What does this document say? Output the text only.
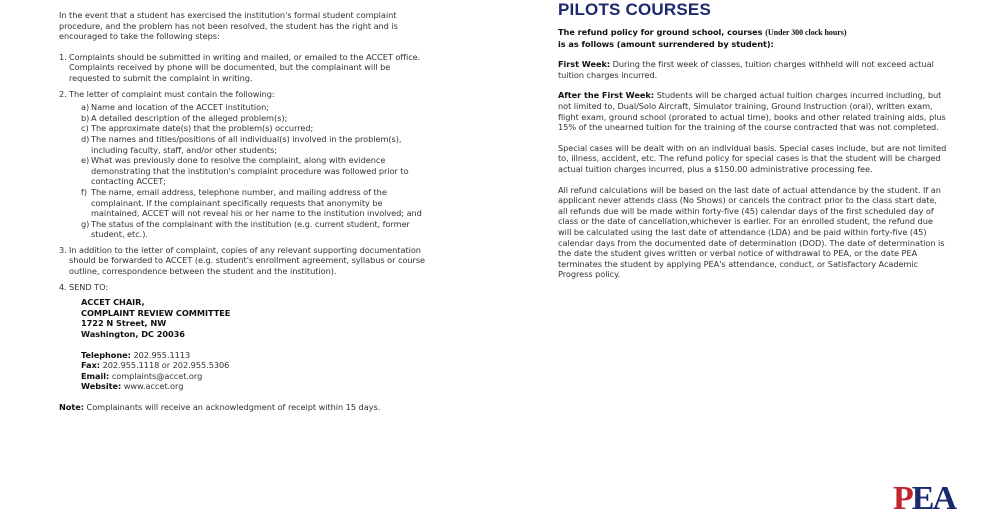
In the event that a student has exercised the institution's formal student complaint procedure, and the problem has not been resolved, the student has the right and is encouraged to take the following steps:

1. Complaints should be submitted in writing and mailed, or emailed to the ACCET office. Complaints received by phone will be documented, but the complainant will be requested to submit the complaint in writing.
2. The letter of complaint must contain the following:
a) Name and location of the ACCET institution;
b) A detailed description of the alleged problem(s);
c) The approximate date(s) that the problem(s) occurred;
d) The names and titles/positions of all individual(s) involved in the problem(s), including faculty, staff, and/or other students;
e) What was previously done to resolve the complaint, along with evidence demonstrating that the institution's complaint procedure was followed prior to contacting ACCET;
f) The name, email address, telephone number, and mailing address of the complainant. If the complainant specifically requests that anonymity be maintained, ACCET will not reveal his or her name to the institution involved; and
g) The status of the complainant with the institution (e.g. current student, former student, etc.).
3. In addition to the letter of complaint, copies of any relevant supporting documentation should be forwarded to ACCET (e.g. student's enrollment agreement, syllabus or course outline, correspondence between the student and the institution).
4. SEND TO:
ACCET CHAIR,
COMPLAINT REVIEW COMMITTEE
1722 N Street, NW
Washington, DC 20036
Telephone: 202.955.1113
Fax: 202.955.1118 or 202.955.5306
Email: complaints@accet.org
Website: www.accet.org

Note: Complainants will receive an acknowledgment of receipt within 15 days.

PILOTS COURSES

The refund policy for ground school, courses (Under 300 clock hours)
is as follows (amount surrendered by student):

First Week: During the first week of classes, tuition charges withheld will not exceed actual tuition charges incurred.

After the First Week: Students will be charged actual tuition charges incurred including, but not limited to, Dual/Solo Aircraft, Simulator training, Ground Instruction (oral), written exam, flight exam, ground school (prorated to actual time), books and other related training aids, plus 15% of the unearned tuition for the training of the course contracted that was not completed.

Special cases will be dealt with on an individual basis. Special cases include, but are not limited to, illness, accident, etc. The refund policy for special cases is that the student will be charged actual tuition charges incurred, plus a $150.00 administrative processing fee.

All refund calculations will be based on the last date of actual attendance by the student. If an applicant never attends class (No Shows) or cancels the contract prior to the class start date, all refunds due will be made within forty-five (45) calendar days of the first scheduled day of class or the date of cancellation,whichever is earlier. For an enrolled student, the refund due will be calculated using the last date of attendance (LDA) and be paid within forty-five (45) calendar days from the documented date of determination (DOD). The date of determination is the date the student gives written or verbal notice of withdrawal to PEA, or the date PEA terminates the student by applying PEA's attendance, conduct, or Satisfactory Academic Progress policy.

PEA
